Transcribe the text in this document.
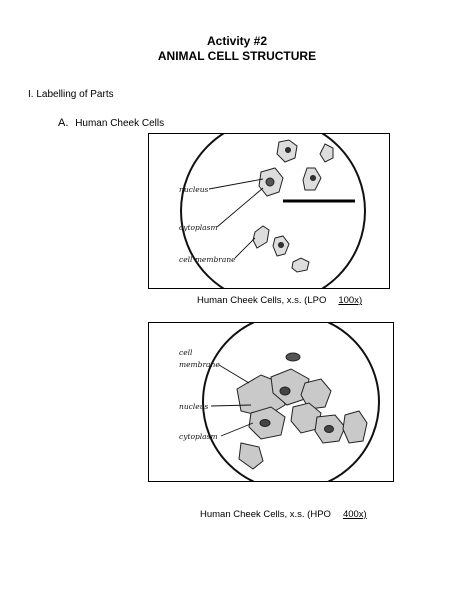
Activity #2
ANIMAL CELL STRUCTURE
I. Labelling of Parts
A. Human Cheek Cells
nucleus
cytoplasm
cell membrane
Human Cheek Cells, x.s. (LPO 100x)
cell
membrane
nucleus
cytoplasm
Human Cheek Cells, x.s. (HPO 400x)
